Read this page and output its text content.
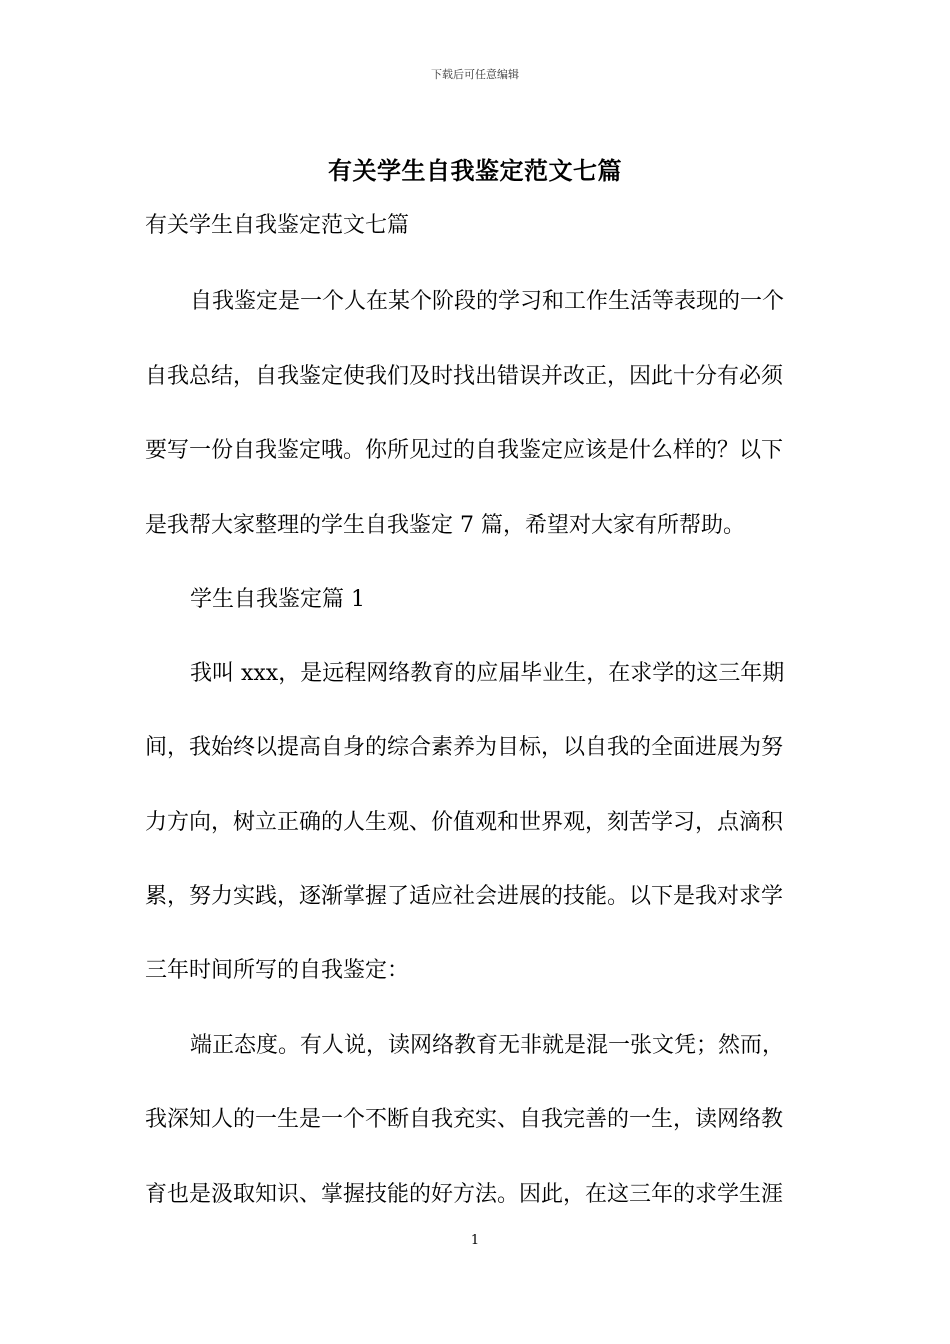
下载后可任意编辑
有关学生自我鉴定范文七篇
有关学生自我鉴定范文七篇
自我鉴定是一个人在某个阶段的学习和工作生活等表现的一个
自我总结，自我鉴定使我们及时找出错误并改正，因此十分有必须
要写一份自我鉴定哦。你所见过的自我鉴定应该是什么样的？以下
是我帮大家整理的学生自我鉴定 7 篇，希望对大家有所帮助。
学生自我鉴定篇 1
我叫 xxx，是远程网络教育的应届毕业生，在求学的这三年期
间，我始终以提高自身的综合素养为目标，以自我的全面进展为努
力方向，树立正确的人生观、价值观和世界观，刻苦学习，点滴积
累，努力实践，逐渐掌握了适应社会进展的技能。以下是我对求学
三年时间所写的自我鉴定：
端正态度。有人说，读网络教育无非就是混一张文凭；然而，
我深知人的一生是一个不断自我充实、自我完善的一生，读网络教
育也是汲取知识、掌握技能的好方法。因此，在这三年的求学生涯
1
